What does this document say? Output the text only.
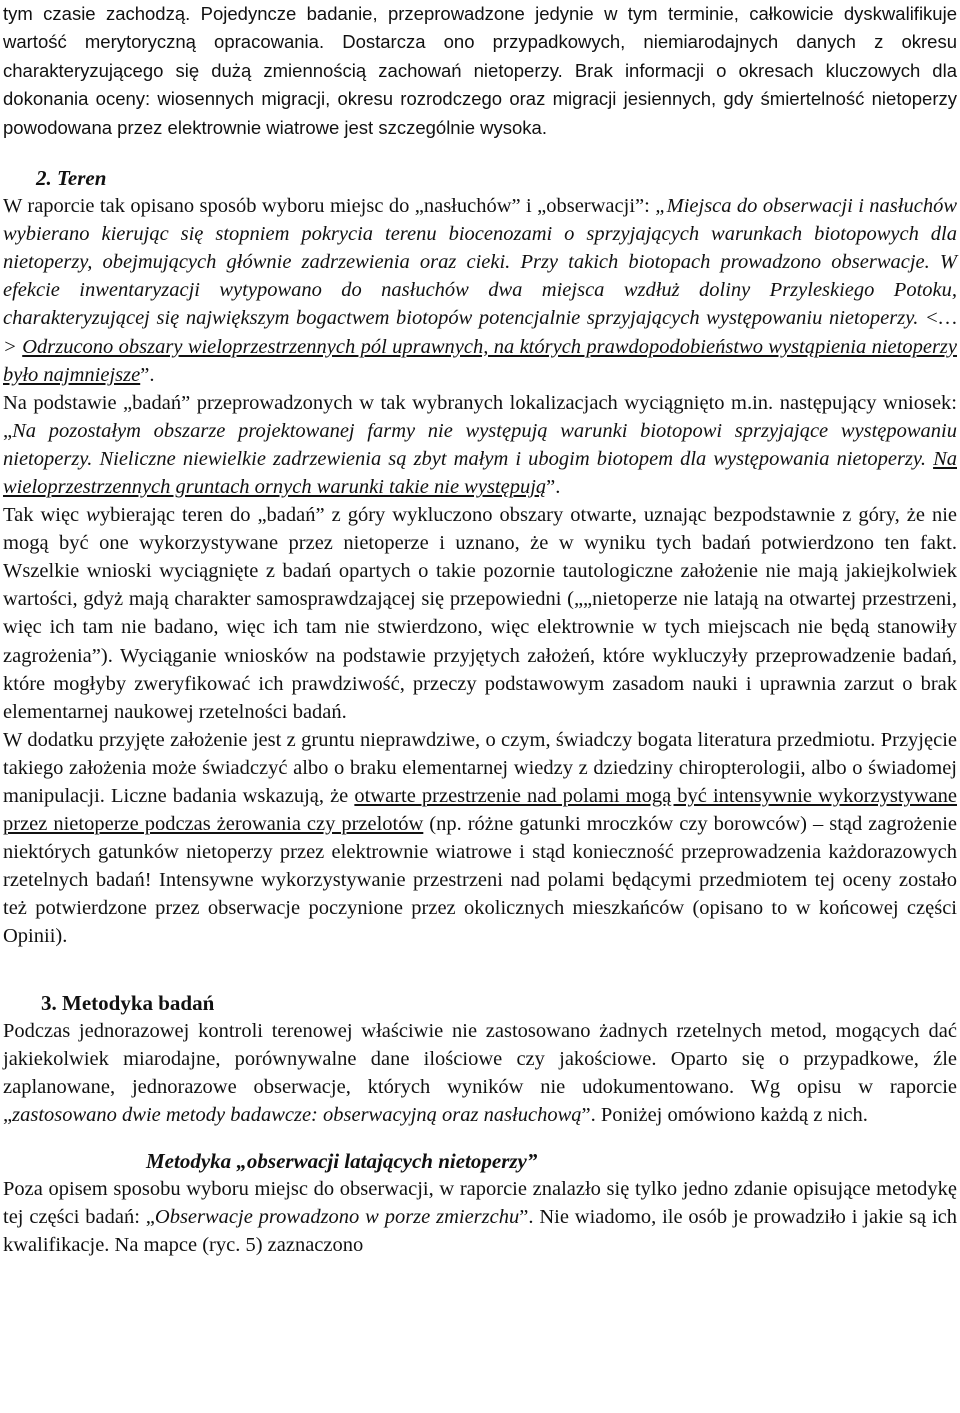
tym czasie zachodzą. Pojedyncze badanie, przeprowadzone jedynie w tym terminie, całkowicie dyskwalifikuje wartość merytoryczną opracowania. Dostarcza ono przypadkowych, niemiarodajnych danych z okresu charakteryzującego się dużą zmiennością zachowań nietoperzy. Brak informacji o okresach kluczowych dla dokonania oceny: wiosennych migracji, okresu rozrodczego oraz migracji jesiennych, gdy śmiertelność nietoperzy powodowana przez elektrownie wiatrowe jest szczególnie wysoka.

2. Teren

W raporcie tak opisano sposób wyboru miejsc do „nasłuchów” i „obserwacji”: „Miejsca do obserwacji i nasłuchów wybierano kierując się stopniem pokrycia terenu biocenozami o sprzyjających warunkach biotopowych dla nietoperzy, obejmujących głównie zadrzewienia oraz cieki. Przy takich biotopach prowadzono obserwacje. W efekcie inwentaryzacji wytypowano do nasłuchów dwa miejsca wzdłuż doliny Przyleskiego Potoku, charakteryzującej się największym bogactwem biotopów potencjalnie sprzyjających występowaniu nietoperzy. <…> Odrzucono obszary wieloprzestrzennych pól uprawnych, na których prawdopodobieństwo wystąpienia nietoperzy było najmniejsze”.

Na podstawie „badań” przeprowadzonych w tak wybranych lokalizacjach wyciągnięto m.in. następujący wniosek: „Na pozostałym obszarze projektowanej farmy nie występują warunki biotopowi sprzyjające występowaniu nietoperzy. Nieliczne niewielkie zadrzewienia są zbyt małym i ubogim biotopem dla występowania nietoperzy. Na wieloprzestrzennych gruntach ornych warunki takie nie występują”.

Tak więc wybierając teren do „badań” z góry wykluczono obszary otwarte, uznając bezpodstawnie z góry, że nie mogą być one wykorzystywane przez nietoperze i uznano, że w wyniku tych badań potwierdzono ten fakt. Wszelkie wnioski wyciągnięte z badań opartych o takie pozornie tautologiczne założenie nie mają jakiejkolwiek wartości, gdyż mają charakter samosprawdzającej się przepowiedni („„nietoperze nie latają na otwartej przestrzeni, więc ich tam nie badano, więc ich tam nie stwierdzono, więc elektrownie w tych miejscach nie będą stanowiły zagrożenia”). Wyciąganie wniosków na podstawie przyjętych założeń, które wykluczyły przeprowadzenie badań, które mogłyby zweryfikować ich prawdziwość, przeczy podstawowym zasadom nauki i uprawnia zarzut o brak elementarnej naukowej rzetelności badań.

W dodatku przyjęte założenie jest z gruntu nieprawdziwe, o czym, świadczy bogata literatura przedmiotu. Przyjęcie takiego założenia może świadczyć albo o braku elementarnej wiedzy z dziedziny chiropterologii, albo o świadomej manipulacji. Liczne badania wskazują, że otwarte przestrzenie nad polami mogą być intensywnie wykorzystywane przez nietoperze podczas żerowania czy przelotów (np. różne gatunki mroczków czy borowców) – stąd zagrożenie niektórych gatunków nietoperzy przez elektrownie wiatrowe i stąd konieczność przeprowadzenia każdorazowych rzetelnych badań! Intensywne wykorzystywanie przestrzeni nad polami będącymi przedmiotem tej oceny zostało też potwierdzone przez obserwacje poczynione przez okolicznych mieszkańców (opisano to w końcowej części Opinii).

3. Metodyka badań

Podczas jednorazowej kontroli terenowej właściwie nie zastosowano żadnych rzetelnych metod, mogących dać jakiekolwiek miarodajne, porównywalne dane ilościowe czy jakościowe. Oparto się o przypadkowe, źle zaplanowane, jednorazowe obserwacje, których wyników nie udokumentowano. Wg opisu w raporcie „zastosowano dwie metody badawcze: obserwacyjną oraz nasłuchową”. Poniżej omówiono każdą z nich.

Metodyka „obserwacji latających nietoperzy”

Poza opisem sposobu wyboru miejsc do obserwacji, w raporcie znalazło się tylko jedno zdanie opisujące metodykę tej części badań: „Obserwacje prowadzono w porze zmierzchu”. Nie wiadomo, ile osób je prowadziło i jakie są ich kwalifikacje. Na mapce (ryc. 5) zaznaczono
